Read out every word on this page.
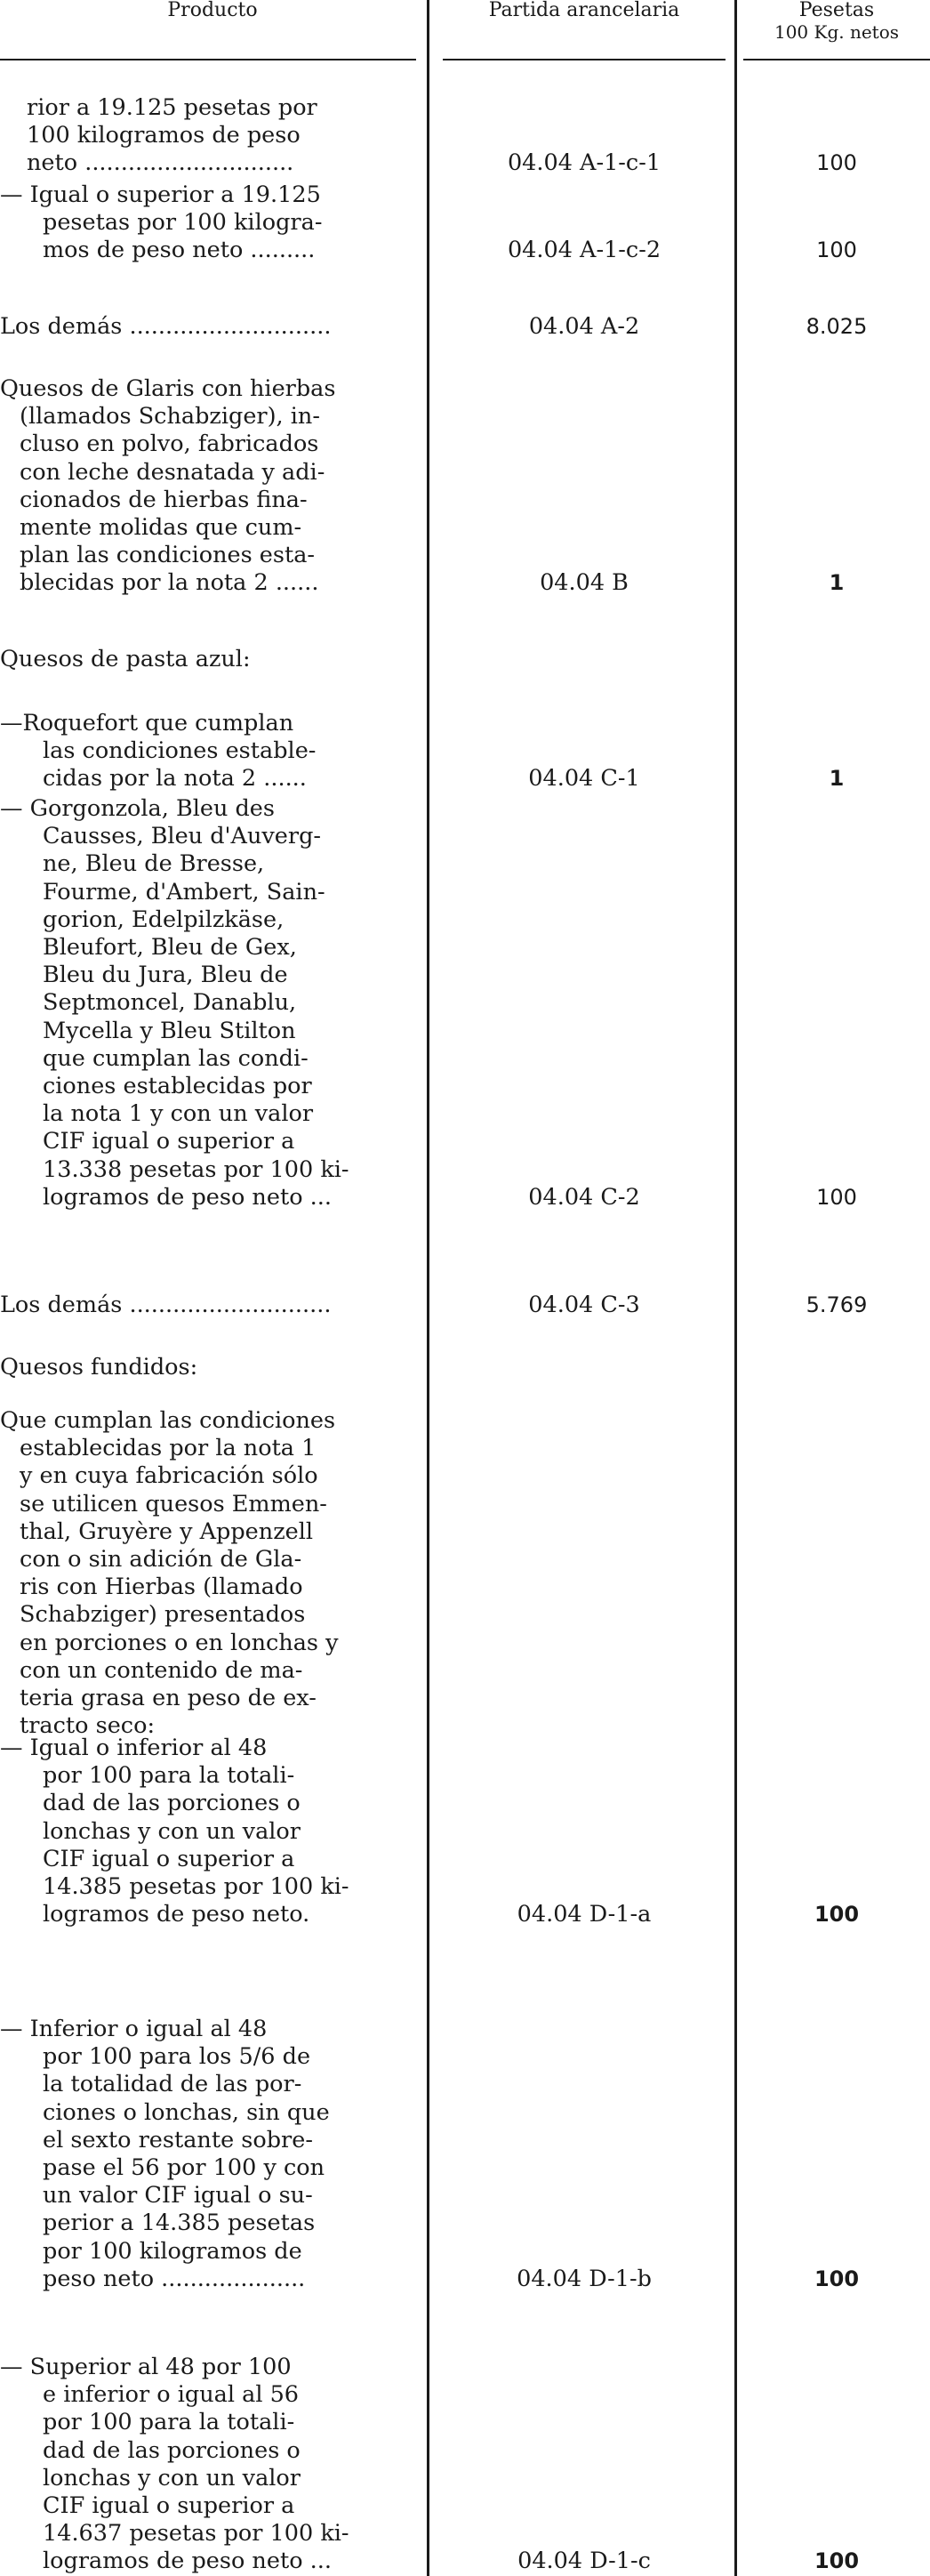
Producto	Partida arancelaria	Pesetas
100 Kg. netos
rior a 19.125 pesetas por
100 kilogramos de peso
neto .............................	04.04 A-1-c-1	100
— Igual o superior a 19.125
pesetas por 100 kilogra-
mos de peso neto .........	04.04 A-1-c-2	100
Los demás ............................	04.04 A-2	8.025
Quesos de Glaris con hierbas
(llamados Schabziger), in-
cluso en polvo, fabricados
con leche desnatada y adi-
cionados de hierbas fina-
mente molidas que cum-
plan las condiciones esta-
blecidas por la nota 2 ......	04.04 B	1
Quesos de pasta azul:
—Roquefort que cumplan
las condiciones estable-
cidas por la nota 2 ......	04.04 C-1	1
— Gorgonzola, Bleu des
Causses, Bleu d'Auverg-
ne, Bleu de Bresse,
Fourme, d'Ambert, Sain-
gorion, Edelpilzkäse,
Bleufort, Bleu de Gex,
Bleu du Jura, Bleu de
Septmoncel, Danablu,
Mycella y Bleu Stilton
que cumplan las condi-
ciones establecidas por
la nota 1 y con un valor
CIF igual o superior a
13.338 pesetas por 100 ki-
logramos de peso neto ...	04.04 C-2	100
Los demás ............................	04.04 C-3	5.769
Quesos fundidos:
Que cumplan las condiciones
establecidas por la nota 1
y en cuya fabricación sólo
se utilicen quesos Emmen-
thal, Gruyère y Appenzell
con o sin adición de Gla-
ris con Hierbas (llamado
Schabziger) presentados
en porciones o en lonchas y
con un contenido de ma-
teria grasa en peso de ex-
tracto seco:
— Igual o inferior al 48
por 100 para la totali-
dad de las porciones o
lonchas y con un valor
CIF igual o superior a
14.385 pesetas por 100 ki-
logramos de peso neto.	04.04 D-1-a	100
— Inferior o igual al 48
por 100 para los 5/6 de
la totalidad de las por-
ciones o lonchas, sin que
el sexto restante sobre-
pase el 56 por 100 y con
un valor CIF igual o su-
perior a 14.385 pesetas
por 100 kilogramos de
peso neto ....................	04.04 D-1-b	100
— Superior al 48 por 100
e inferior o igual al 56
por 100 para la totali-
dad de las porciones o
lonchas y con un valor
CIF igual o superior a
14.637 pesetas por 100 ki-
logramos de peso neto ...	04.04 D-1-c	100
